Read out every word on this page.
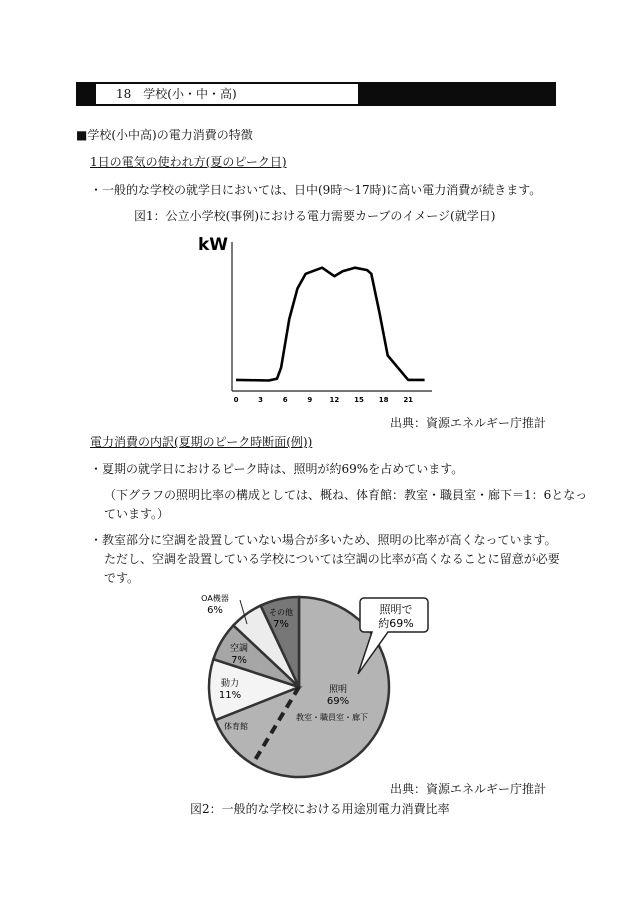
18　学校(小・中・高)
■学校(小中高)の電力消費の特徴
1日の電気の使われ方(夏のピーク日)
・一般的な学校の就学日においては、日中(9時～17時)に高い電力消費が続きます。
図1：公立小学校(事例)における電力需要カーブのイメージ(就学日)
kW
0	3	6	9 12 15 18 21
出典：資源エネルギー庁推計
電力消費の内訳(夏期のピーク時断面(例))
・夏期の就学日におけるピーク時は、照明が約69%を占めています。
（下グラフの照明比率の構成としては、概ね、体育館：教室・職員室・廊下＝1：6となっ
ています。）
・教室部分に空調を設置していない場合が多いため、照明の比率が高くなっています。
ただし、空調を設置している学校については空調の比率が高くなることに留意が必要
です。
照明で
約69%
照明
69%
教室・職員室・廊下
体育館
動力
11%
空調
7%
OA機器
6%	その他
7%
出典：資源エネルギー庁推計
図2：一般的な学校における用途別電力消費比率
